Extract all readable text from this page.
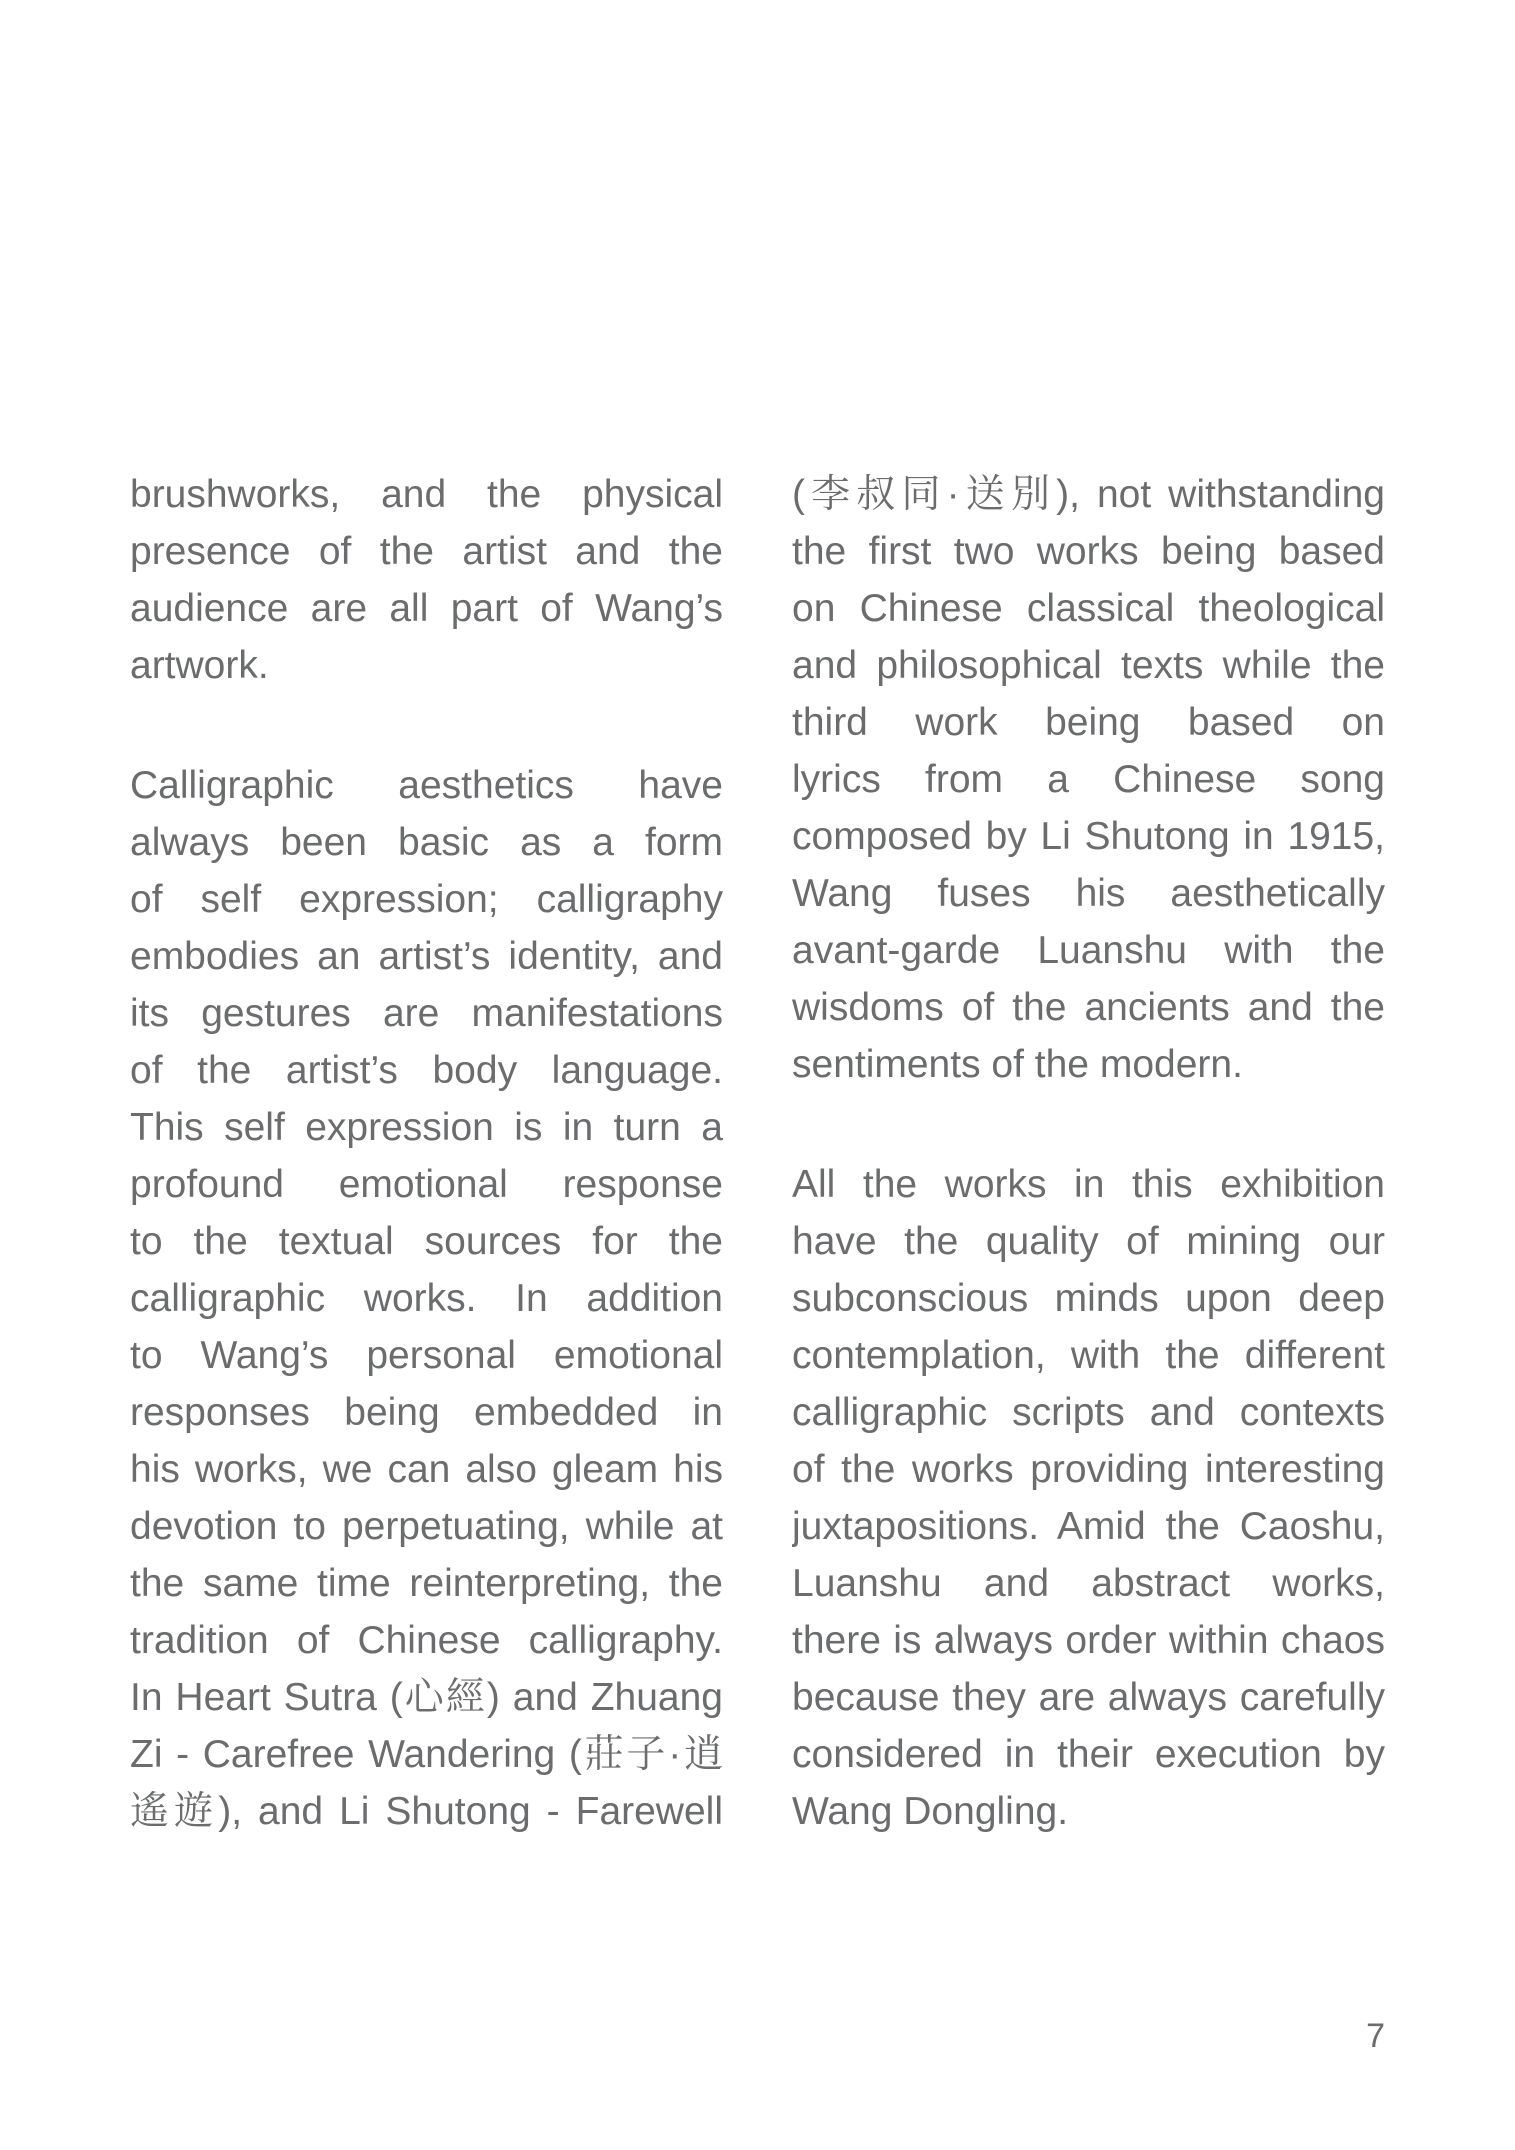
brushworks, and the physical
presence of the artist and the
audience are all part of Wang’s
artwork.
Calligraphic aesthetics have
always been basic as a form
of self expression; calligraphy
embodies an artist’s identity, and
its gestures are manifestations
of the artist’s body language.
This self expression is in turn a
profound emotional response
to the textual sources for the
calligraphic works. In addition
to Wang’s personal emotional
responses being embedded in
his works, we can also gleam his
devotion to perpetuating, while at
the same time reinterpreting, the
tradition of Chinese calligraphy.
In Heart Sutra (心經) and Zhuang
Zi - Carefree Wandering (莊子·逍
遙遊), and Li Shutong - Farewell
(李叔同·送別), not withstanding
the first two works being based
on Chinese classical theological
and philosophical texts while the
third work being based on
lyrics from a Chinese song
composed by Li Shutong in 1915,
Wang fuses his aesthetically
avant-garde Luanshu with the
wisdoms of the ancients and the
sentiments of the modern.
All the works in this exhibition
have the quality of mining our
subconscious minds upon deep
contemplation, with the different
calligraphic scripts and contexts
of the works providing interesting
juxtapositions. Amid the Caoshu,
Luanshu and abstract works,
there is always order within chaos
because they are always carefully
considered in their execution by
Wang Dongling.
7
